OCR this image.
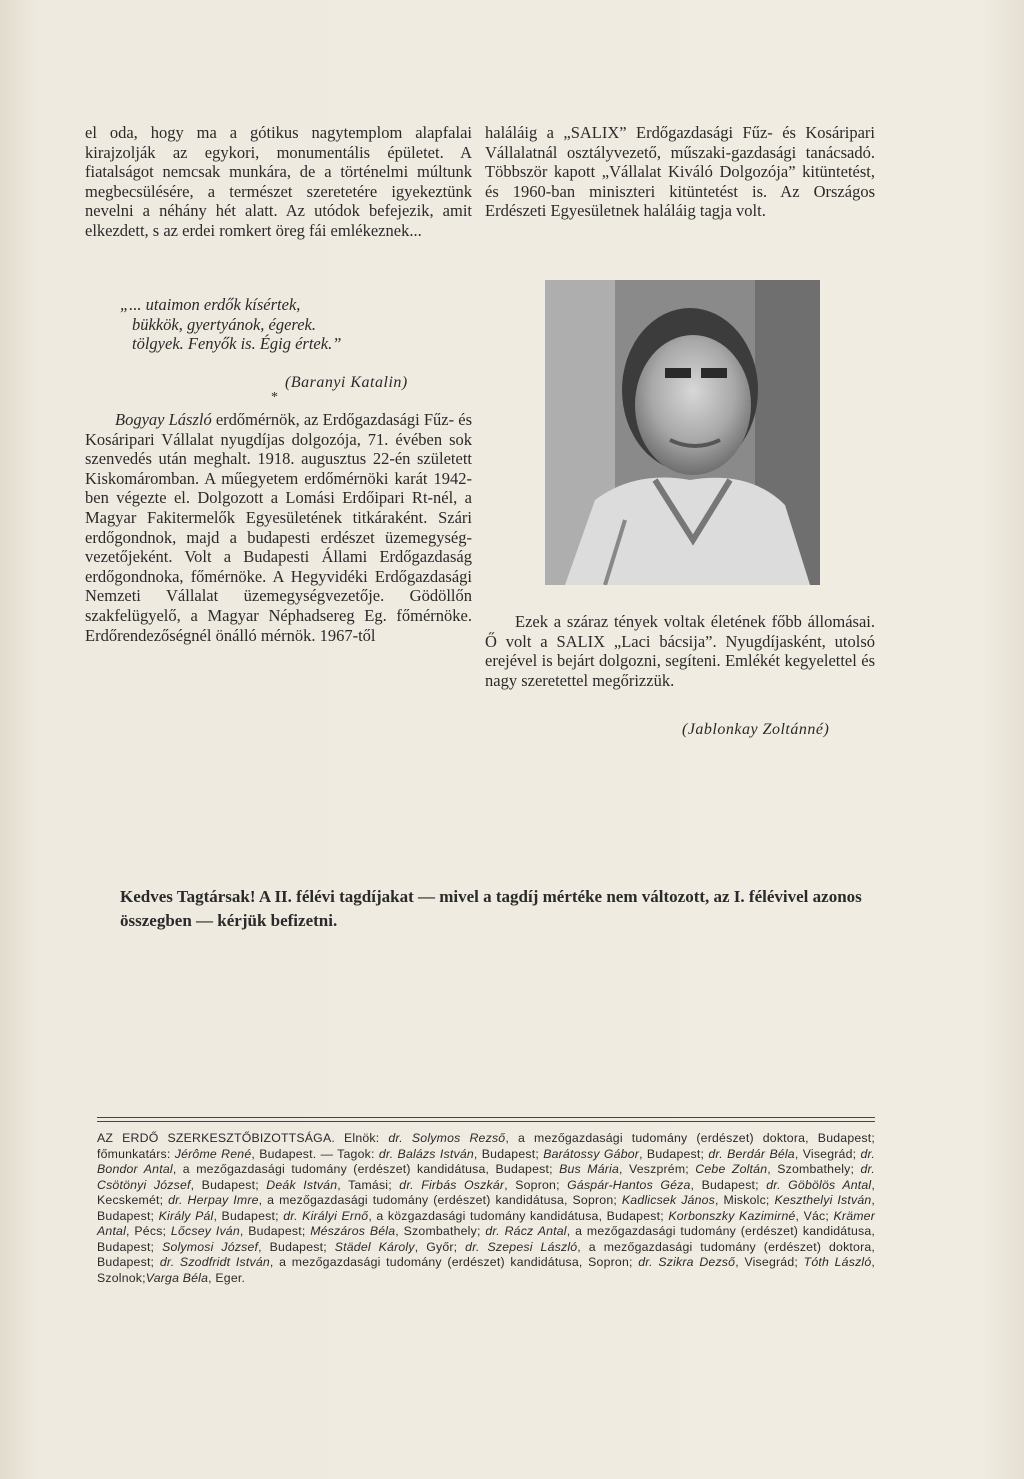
el oda, hogy ma a gótikus nagytemplom alapfalai kirajzolják az egykori, monumentális épületet. A fiatalságot nemcsak munkára, de a történelmi múltunk megbecsülésére, a természet szeretetére igyekeztünk nevelni a néhány hét alatt. Az utódok befejezik, amit elkezdett, s az erdei romkert öreg fái emlékeznek...

„... utaimon erdők kísértek,
bükkök, gyertyánok, égerek.
tölgyek. Fenyők is. Égig értek.”
(Baranyi Katalin)
*

Bogyay László erdőmérnök, az Erdőgazdasági Fűz- és Kosáripari Vállalat nyugdíjas dolgozója, 71. évében sok szenvedés után meghalt. 1918. augusztus 22-én született Kiskomáromban. A műegyetem erdőmérnöki karát 1942-ben végezte el. Dolgozott a Lomási Erdőipari Rt-nél, a Magyar Fakitermelők Egyesületének titkáraként. Szári erdőgondnok, majd a budapesti erdészet üzemegység-vezetőjeként. Volt a Budapesti Állami Erdőgazdaság erdőgondnoka, főmérnöke. A Hegyvidéki Erdőgazdasági Nemzeti Vállalat üzemegységvezetője. Gödöllőn szakfelügyelő, a Magyar Néphadsereg Eg. főmérnöke. Erdőrendezőségnél önálló mérnök. 1967-től

haláláig a „SALIX” Erdőgazdasági Fűz- és Kosáripari Vállalatnál osztályvezető, műszaki-gazdasági tanácsadó. Többször kapott „Vállalat Kiváló Dolgozója” kitüntetést, és 1960-ban miniszteri kitüntetést is. Az Országos Erdészeti Egyesületnek haláláig tagja volt.

Ezek a száraz tények voltak életének főbb állomásai. Ő volt a SALIX „Laci bácsija”. Nyugdíjasként, utolsó erejével is bejárt dolgozni, segíteni. Emlékét kegyelettel és nagy szeretettel megőrizzük.

(Jablonkay Zoltánné)
Kedves Tagtársak! A II. félévi tagdíjakat — mivel a tagdíj mértéke nem változott, az I. félévivel azonos összegben — kérjük befizetni.
AZ ERDŐ SZERKESZTŐBIZOTTSÁGA. Elnök: dr. Solymos Rezső, a mezőgazdasági tudomány (erdészet) doktora, Budapest; főmunkatárs: Jérôme René, Budapest. — Tagok: dr. Balázs István, Budapest; Barátossy Gábor, Budapest; dr. Berdár Béla, Visegrád; dr. Bondor Antal, a mezőgazdasági tudomány (erdészet) kandidátusa, Budapest; Bus Mária, Veszprém; Cebe Zoltán, Szombathely; dr. Csötönyi József, Budapest; Deák István, Tamási; dr. Firbás Oszkár, Sopron; Gáspár-Hantos Géza, Budapest; dr. Göbölös Antal, Kecskemét; dr. Herpay Imre, a mezőgazdasági tudomány (erdészet) kandidátusa, Sopron; Kadlicsek János, Miskolc; Keszthelyi István, Budapest; Király Pál, Budapest; dr. Királyi Ernő, a közgazdasági tudomány kandidátusa, Budapest; Korbonszky Kazimirné, Vác; Krämer Antal, Pécs; Lőcsey Iván, Budapest; Mészáros Béla, Szombathely; dr. Rácz Antal, a mezőgazdasági tudomány (erdészet) kandidátusa, Budapest; Solymosi József, Budapest; Städel Károly, Győr; dr. Szepesi László, a mezőgazdasági tudomány (erdészet) doktora, Budapest; dr. Szodfridt István, a mezőgazdasági tudomány (erdészet) kandidátusa, Sopron; dr. Szikra Dezső, Visegrád; Tóth László, Szolnok;Varga Béla, Eger.
